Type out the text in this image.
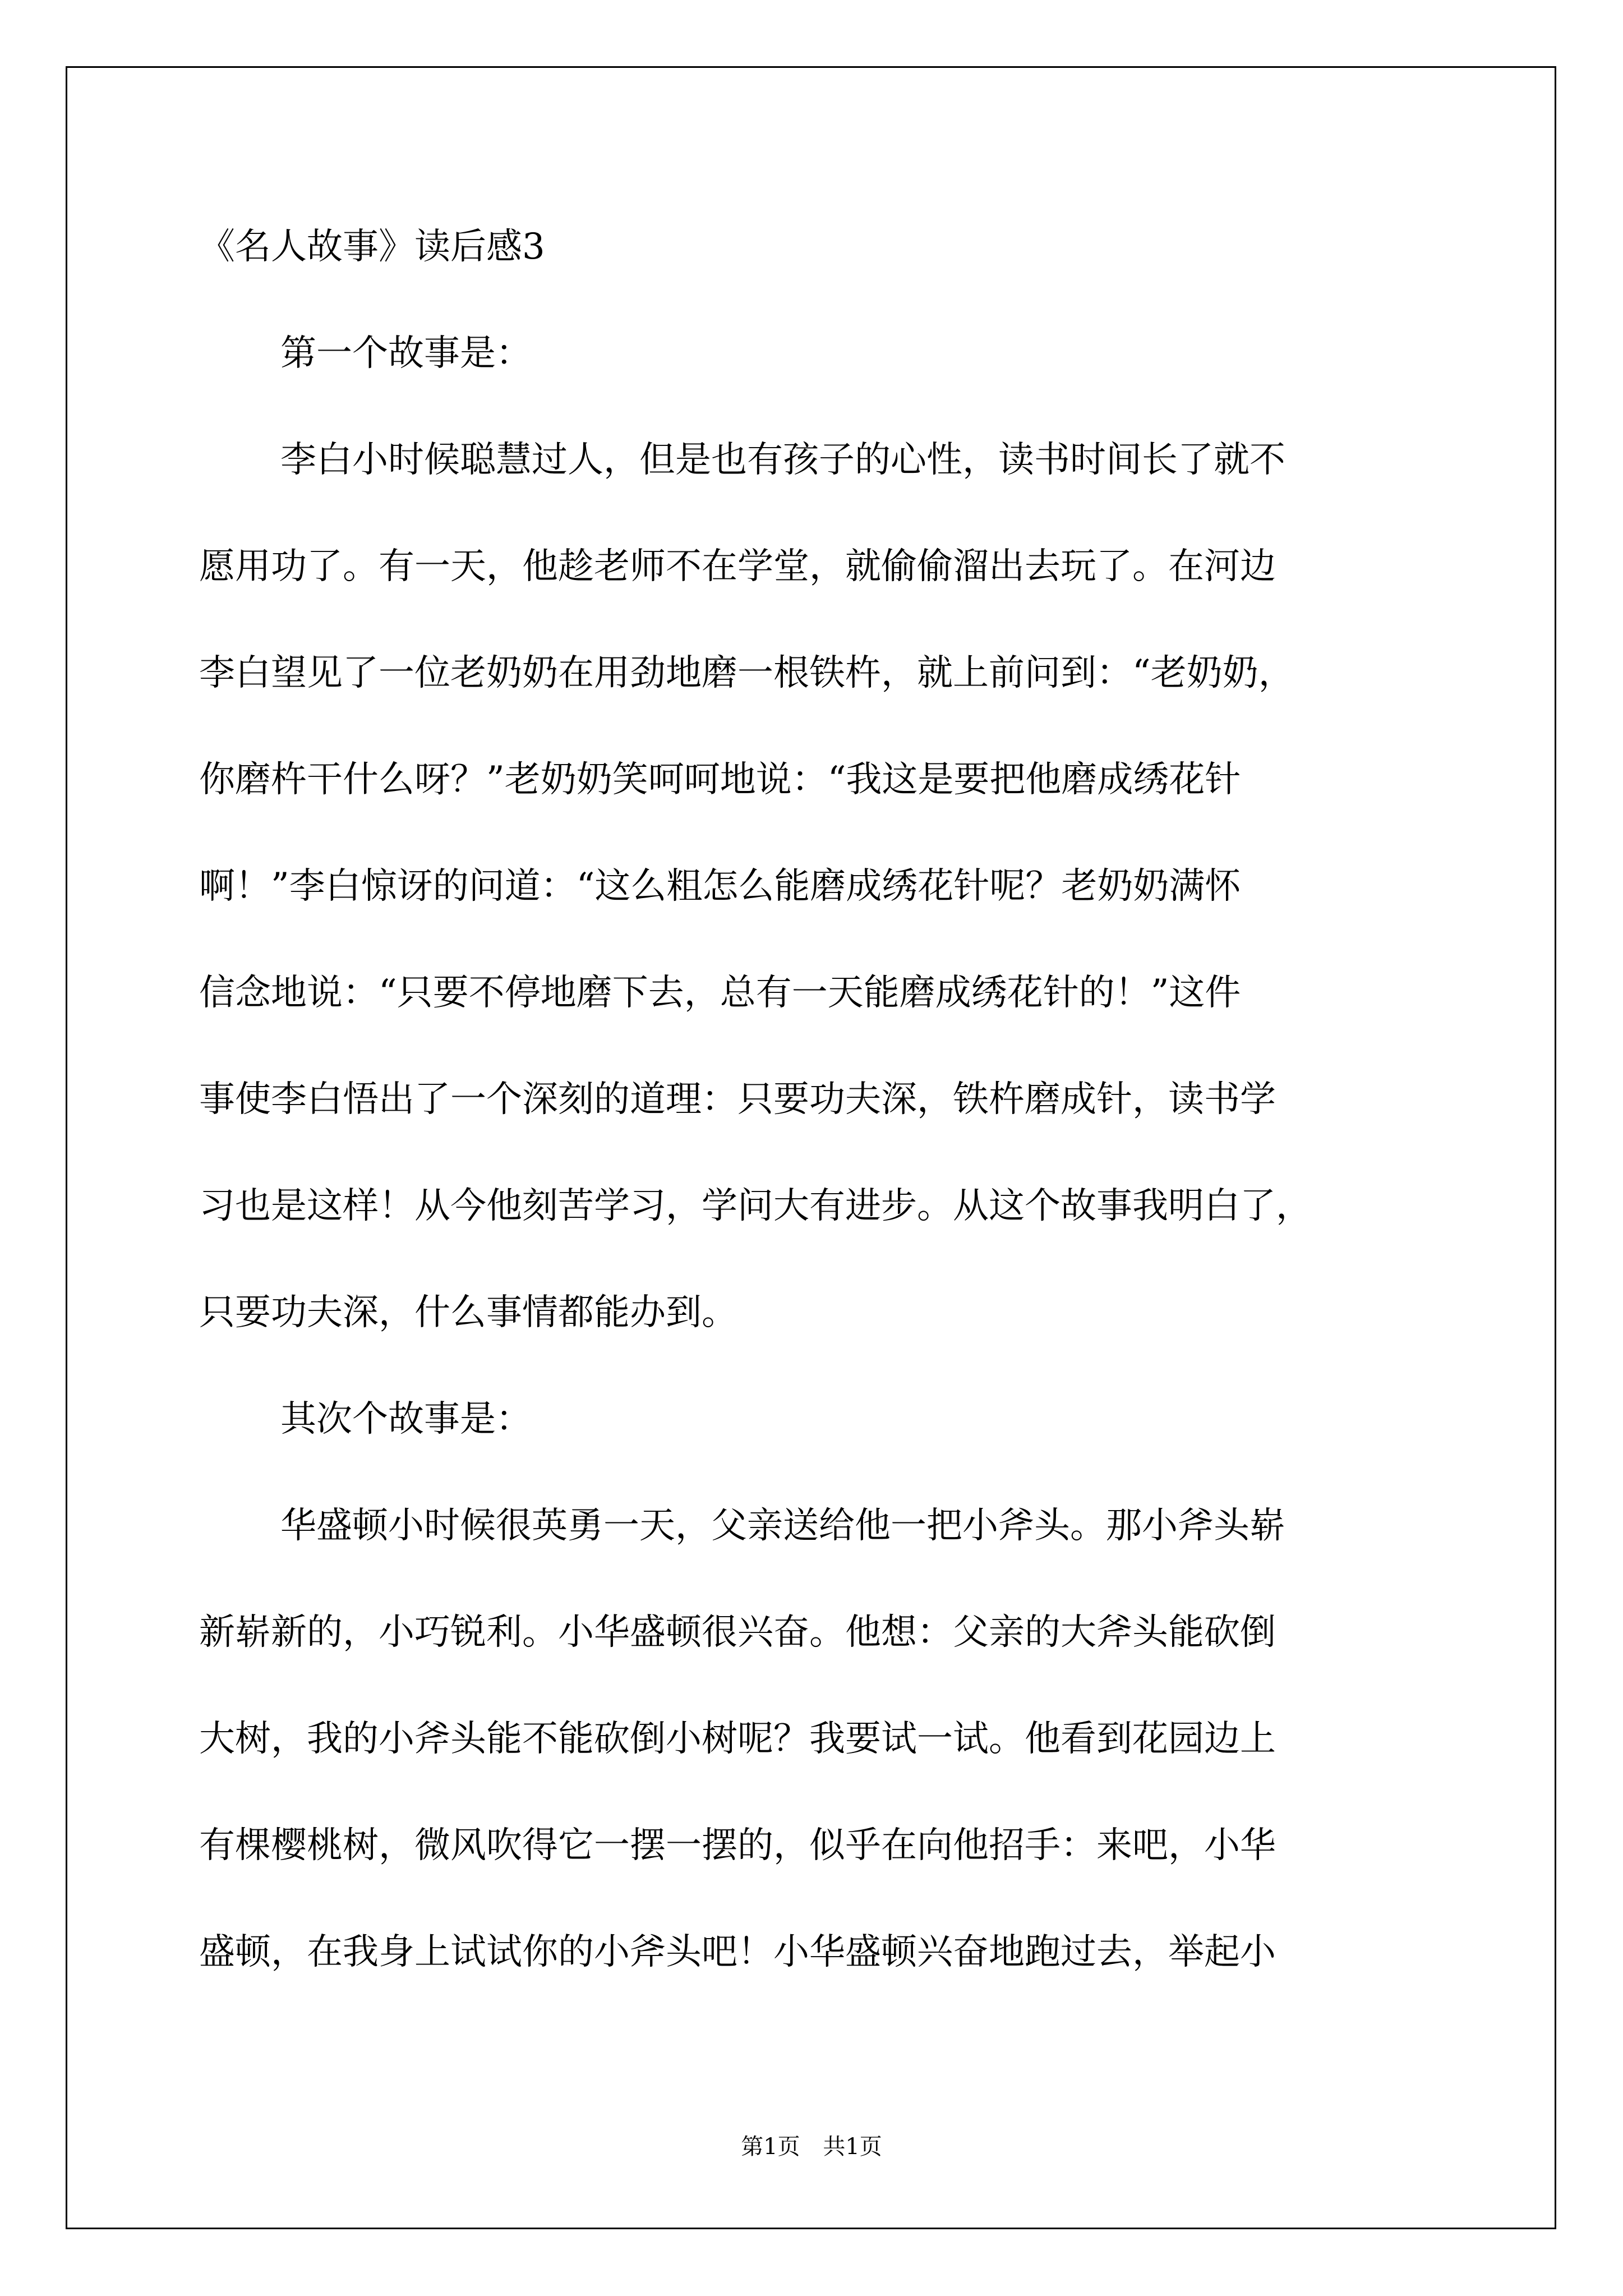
《名人故事》读后感3

第一个故事是：

李白小时候聪慧过人，但是也有孩子的心性，读书时间长了就不

愿用功了。有一天，他趁老师不在学堂，就偷偷溜出去玩了。在河边

李白望见了一位老奶奶在用劲地磨一根铁杵，就上前问到：“老奶奶，

你磨杵干什么呀？”老奶奶笑呵呵地说：“我这是要把他磨成绣花针

啊！”李白惊讶的问道：“这么粗怎么能磨成绣花针呢？老奶奶满怀

信念地说：“只要不停地磨下去，总有一天能磨成绣花针的！”这件

事使李白悟出了一个深刻的道理：只要功夫深，铁杵磨成针，读书学

习也是这样！从今他刻苦学习，学问大有进步。从这个故事我明白了，

只要功夫深，什么事情都能办到。

其次个故事是：

华盛顿小时候很英勇一天，父亲送给他一把小斧头。那小斧头崭

新崭新的，小巧锐利。小华盛顿很兴奋。他想：父亲的大斧头能砍倒

大树，我的小斧头能不能砍倒小树呢？我要试一试。他看到花园边上

有棵樱桃树，微风吹得它一摆一摆的，似乎在向他招手：来吧，小华

盛顿，在我身上试试你的小斧头吧！小华盛顿兴奋地跑过去，举起小

第1页 共1页
